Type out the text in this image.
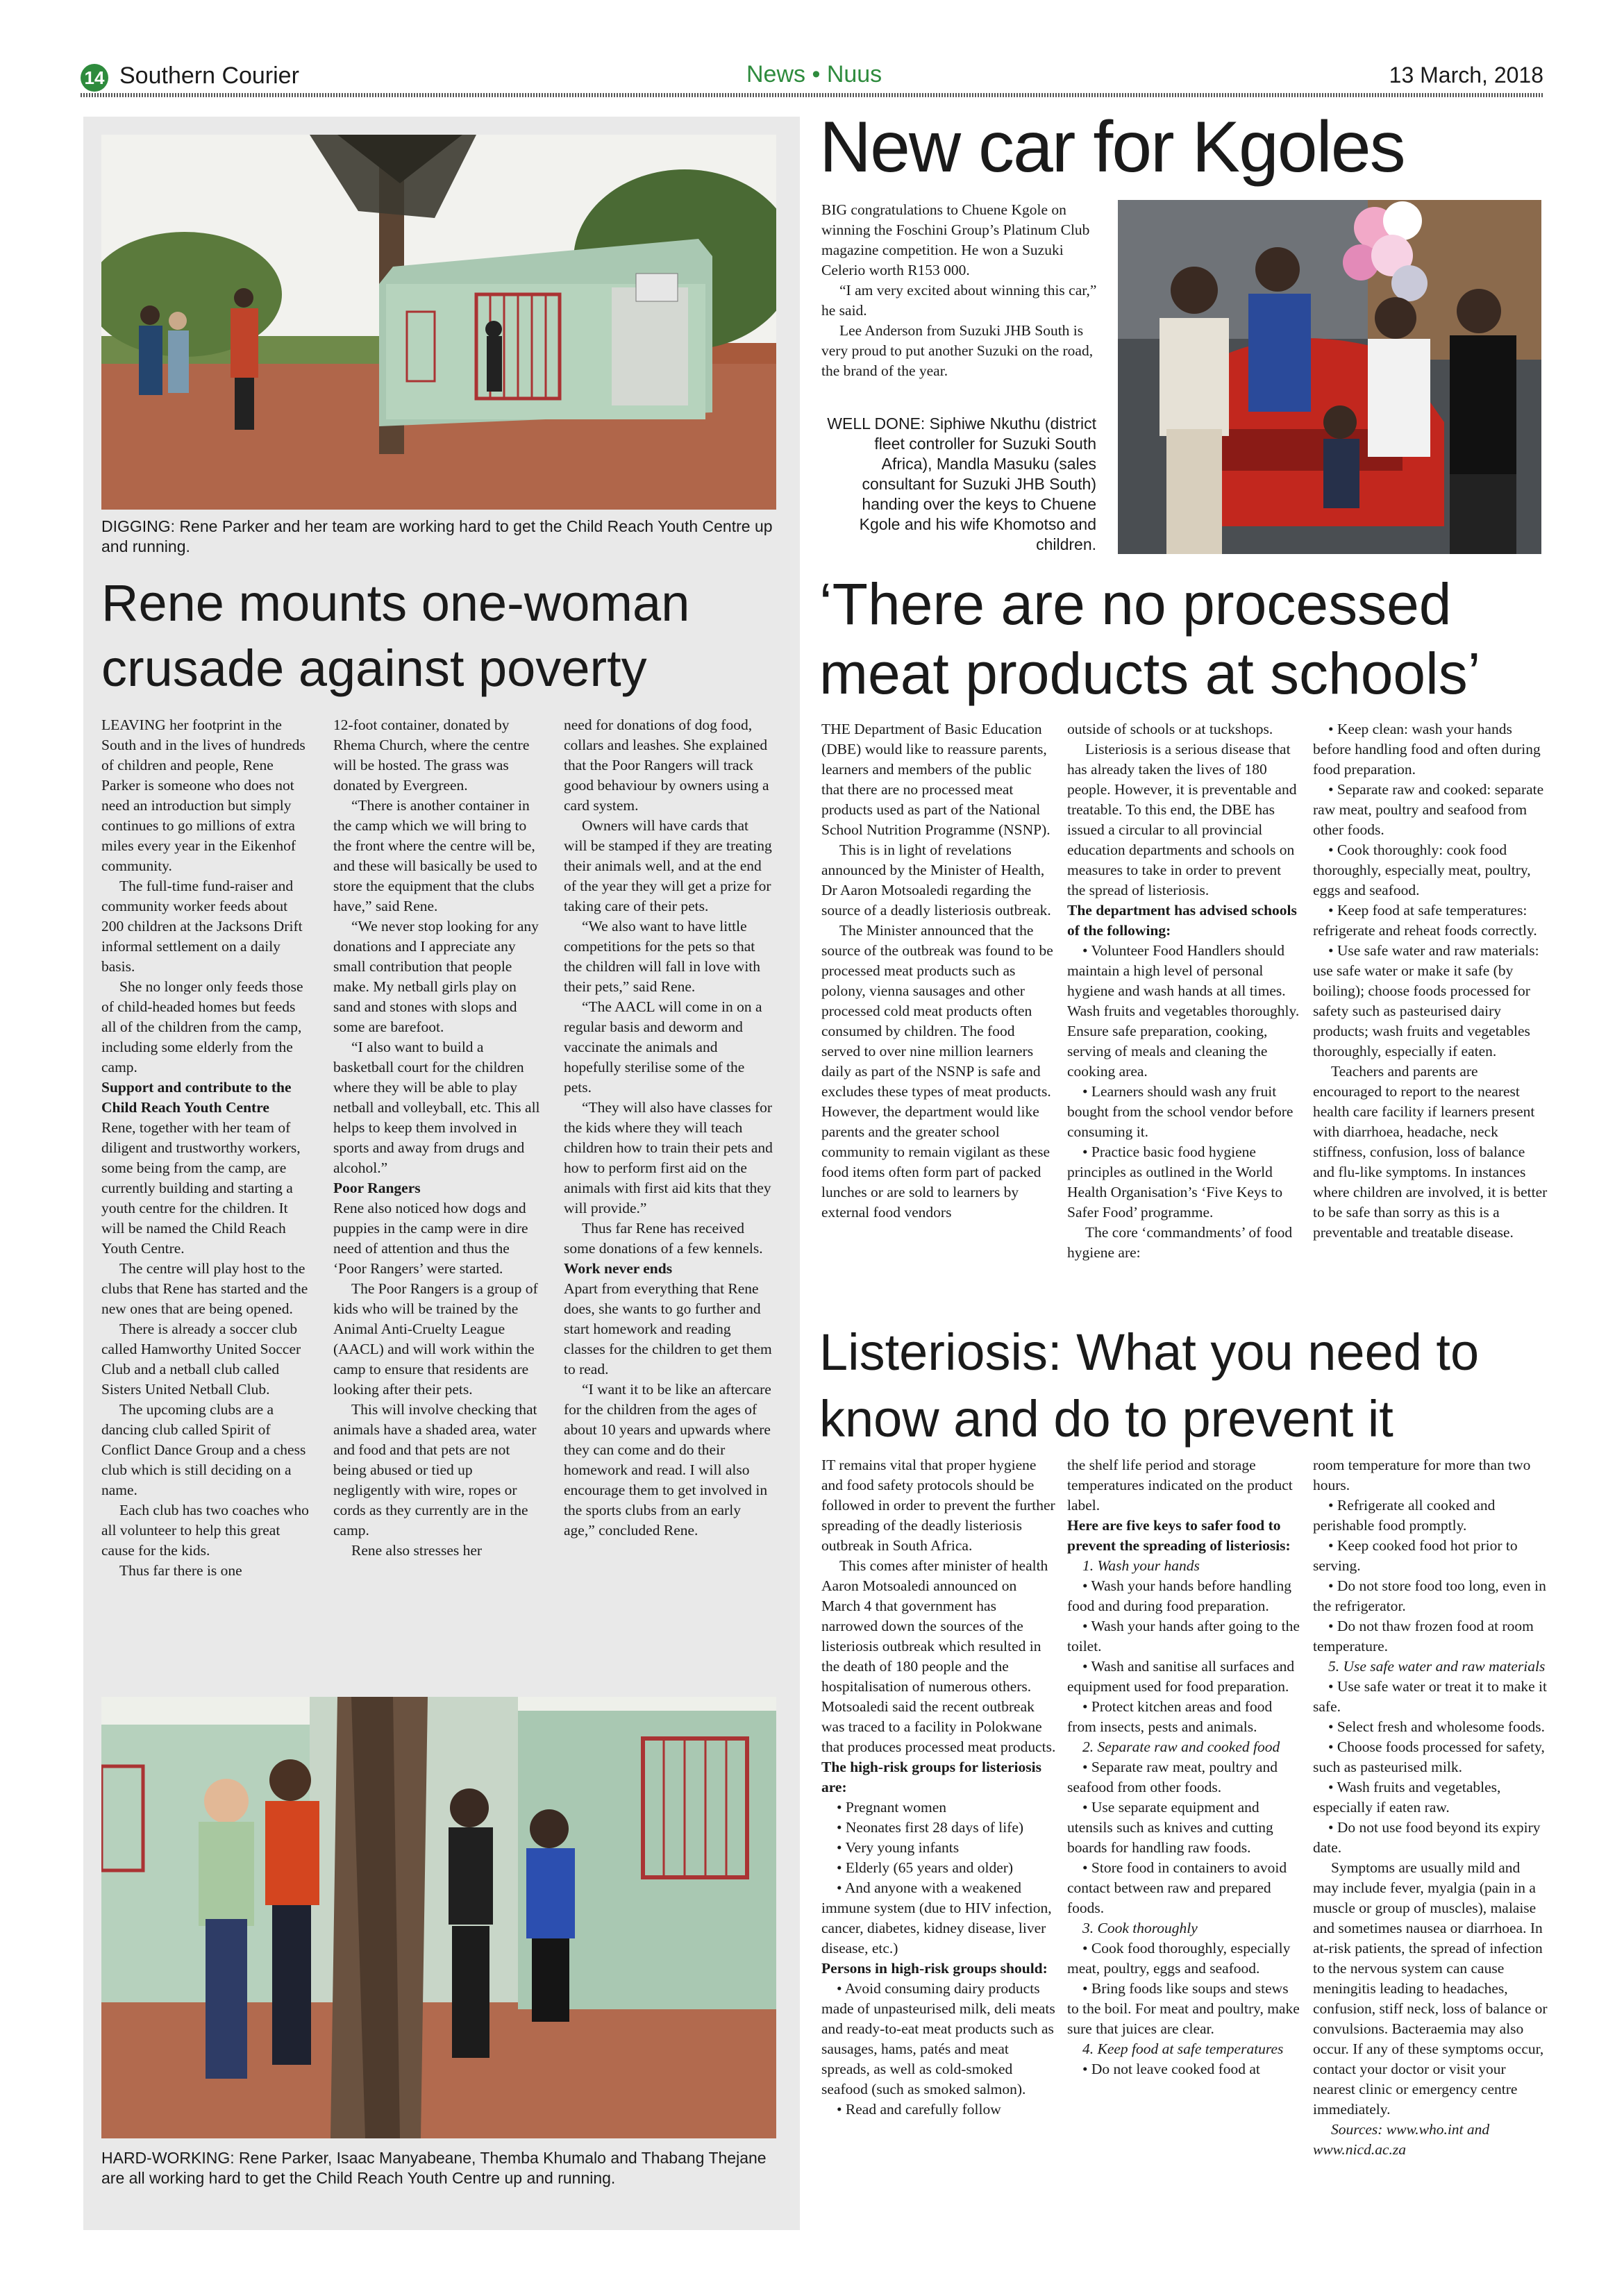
14 Southern Courier	News • Nuus	13 March, 2018
DIGGING: Rene Parker and her team are working hard to get the Child Reach Youth Centre up and running.
Rene mounts one-woman crusade against poverty

LEAVING her footprint in the South and in the lives of hundreds of children and people, Rene Parker is someone who does not need an introduction but simply continues to go millions of extra miles every year in the Eikenhof community.

The full-time fund-raiser and community worker feeds about 200 children at the Jacksons Drift informal settlement on a daily basis.

She no longer only feeds those of child-headed homes but feeds all of the children from the camp, including some elderly from the camp.

Support and contribute to the Child Reach Youth Centre

Rene, together with her team of diligent and trustworthy workers, some being from the camp, are currently building and starting a youth centre for the children. It will be named the Child Reach Youth Centre.

The centre will play host to the clubs that Rene has started and the new ones that are being opened.

There is already a soccer club called Hamworthy United Soccer Club and a netball club called Sisters United Netball Club.

The upcoming clubs are a dancing club called Spirit of Conflict Dance Group and a chess club which is still deciding on a name.

Each club has two coaches who all volunteer to help this great cause for the kids.

Thus far there is one

12-foot container, donated by Rhema Church, where the centre will be hosted. The grass was donated by Evergreen.

“There is another container in the camp which we will bring to the front where the centre will be, and these will basically be used to store the equipment that the clubs have,” said Rene.

“We never stop looking for any donations and I appreciate any small contribution that people make. My netball girls play on sand and stones with slops and some are barefoot.

“I also want to build a basketball court for the children where they will be able to play netball and volleyball, etc. This all helps to keep them involved in sports and away from drugs and alcohol.”

Poor Rangers

Rene also noticed how dogs and puppies in the camp were in dire need of attention and thus the ‘Poor Rangers’ were started.

The Poor Rangers is a group of kids who will be trained by the Animal Anti-Cruelty League (AACL) and will work within the camp to ensure that residents are looking after their pets.

This will involve checking that animals have a shaded area, water and food and that pets are not being abused or tied up negligently with wire, ropes or cords as they currently are in the camp.

Rene also stresses her

need for donations of dog food, collars and leashes. She explained that the Poor Rangers will track good behaviour by owners using a card system.

Owners will have cards that will be stamped if they are treating their animals well, and at the end of the year they will get a prize for taking care of their pets.

“We also want to have little competitions for the pets so that the children will fall in love with their pets,” said Rene.

“The AACL will come in on a regular basis and deworm and vaccinate the animals and hopefully sterilise some of the pets.

“They will also have classes for the kids where they will teach children how to train their pets and how to perform first aid on the animals with first aid kits that they will provide.”

Thus far Rene has received some donations of a few kennels.

Work never ends

Apart from everything that Rene does, she wants to go further and start homework and reading classes for the children to get them to read.

“I want it to be like an aftercare for the children from the ages of about 10 years and upwards where they can come and do their homework and read. I will also encourage them to get involved in the sports clubs from an early age,” concluded Rene.

HARD-WORKING: Rene Parker, Isaac Manyabeane, Themba Khumalo and Thabang Thejane are all working hard to get the Child Reach Youth Centre up and running.
New car for Kgoles

BIG congratulations to Chuene Kgole on winning the Foschini Group’s Platinum Club magazine competition. He won a Suzuki Celerio worth R153 000.

“I am very excited about winning this car,” he said.

Lee Anderson from Suzuki JHB South is very proud to put another Suzuki on the road, the brand of the year.

WELL DONE: Siphiwe Nkuthu (district fleet controller for Suzuki South Africa), Mandla Masuku (sales consultant for Suzuki JHB South) handing over the keys to Chuene Kgole and his wife Khomotso and children.
‘There are no processed meat products at schools’

THE Department of Basic Education (DBE) would like to reassure parents, learners and members of the public that there are no processed meat products used as part of the National School Nutrition Programme (NSNP).

This is in light of revelations announced by the Minister of Health, Dr Aaron Motsoaledi regarding the source of a deadly listeriosis outbreak.

The Minister announced that the source of the outbreak was found to be processed meat products such as polony, vienna sausages and other processed cold meat products often consumed by children. The food served to over nine million learners daily as part of the NSNP is safe and excludes these types of meat products. However, the department would like parents and the greater school community to remain vigilant as these food items often form part of packed lunches or are sold to learners by external food vendors

outside of schools or at tuckshops.

Listeriosis is a serious disease that has already taken the lives of 180 people. However, it is preventable and treatable. To this end, the DBE has issued a circular to all provincial education departments and schools on measures to take in order to prevent the spread of listeriosis.

The department has advised schools of the following:

• Volunteer Food Handlers should maintain a high level of personal hygiene and wash hands at all times. Wash fruits and vegetables thoroughly. Ensure safe preparation, cooking, serving of meals and cleaning the cooking area.

• Learners should wash any fruit bought from the school vendor before consuming it.

• Practice basic food hygiene principles as outlined in the World Health Organisation’s ‘Five Keys to Safer Food’ programme.

The core ‘commandments’ of food hygiene are:

• Keep clean: wash your hands before handling food and often during food preparation.

• Separate raw and cooked: separate raw meat, poultry and seafood from other foods.

• Cook thoroughly: cook food thoroughly, especially meat, poultry, eggs and seafood.

• Keep food at safe temperatures: refrigerate and reheat foods correctly.

• Use safe water and raw materials: use safe water or make it safe (by boiling); choose foods processed for safety such as pasteurised dairy products; wash fruits and vegetables thoroughly, especially if eaten.

Teachers and parents are encouraged to report to the nearest health care facility if learners present with diarrhoea, headache, neck stiffness, confusion, loss of balance and flu-like symptoms. In instances where children are involved, it is better to be safe than sorry as this is a preventable and treatable disease.

Listeriosis: What you need to know and do to prevent it

IT remains vital that proper hygiene and food safety protocols should be followed in order to prevent the further spreading of the deadly listeriosis outbreak in South Africa.

This comes after minister of health Aaron Motsoaledi announced on March 4 that government has narrowed down the sources of the listeriosis outbreak which resulted in the death of 180 people and the hospitalisation of numerous others. Motsoaledi said the recent outbreak was traced to a facility in Polokwane that produces processed meat products.

The high-risk groups for listeriosis are:

• Pregnant women

• Neonates first 28 days of life)

• Very young infants

• Elderly (65 years and older)

• And anyone with a weakened immune system (due to HIV infection, cancer, diabetes, kidney disease, liver disease, etc.)

Persons in high-risk groups should:

• Avoid consuming dairy products made of unpasteurised milk, deli meats and ready-to-eat meat products such as sausages, hams, patés and meat spreads, as well as cold-smoked seafood (such as smoked salmon).

• Read and carefully follow

the shelf life period and storage temperatures indicated on the product label.

Here are five keys to safer food to prevent the spreading of listeriosis:

1. Wash your hands

• Wash your hands before handling food and during food preparation.

• Wash your hands after going to the toilet.

• Wash and sanitise all surfaces and equipment used for food preparation.

• Protect kitchen areas and food from insects, pests and animals.

2. Separate raw and cooked food

• Separate raw meat, poultry and seafood from other foods.

• Use separate equipment and utensils such as knives and cutting boards for handling raw foods.

• Store food in containers to avoid contact between raw and prepared foods.

3. Cook thoroughly

• Cook food thoroughly, especially meat, poultry, eggs and seafood.

• Bring foods like soups and stews to the boil. For meat and poultry, make sure that juices are clear.

4. Keep food at safe temperatures

• Do not leave cooked food at

room temperature for more than two hours.

• Refrigerate all cooked and perishable food promptly.

• Keep cooked food hot prior to serving.

• Do not store food too long, even in the refrigerator.

• Do not thaw frozen food at room temperature.

5. Use safe water and raw materials

• Use safe water or treat it to make it safe.

• Select fresh and wholesome foods.

• Choose foods processed for safety, such as pasteurised milk.

• Wash fruits and vegetables, especially if eaten raw.

• Do not use food beyond its expiry date.

Symptoms are usually mild and may include fever, myalgia (pain in a muscle or group of muscles), malaise and sometimes nausea or diarrhoea. In at-risk patients, the spread of infection to the nervous system can cause meningitis leading to headaches, confusion, stiff neck, loss of balance or convulsions. Bacteraemia may also occur. If any of these symptoms occur, contact your doctor or visit your nearest clinic or emergency centre immediately.

Sources: www.who.int and www.nicd.ac.za
